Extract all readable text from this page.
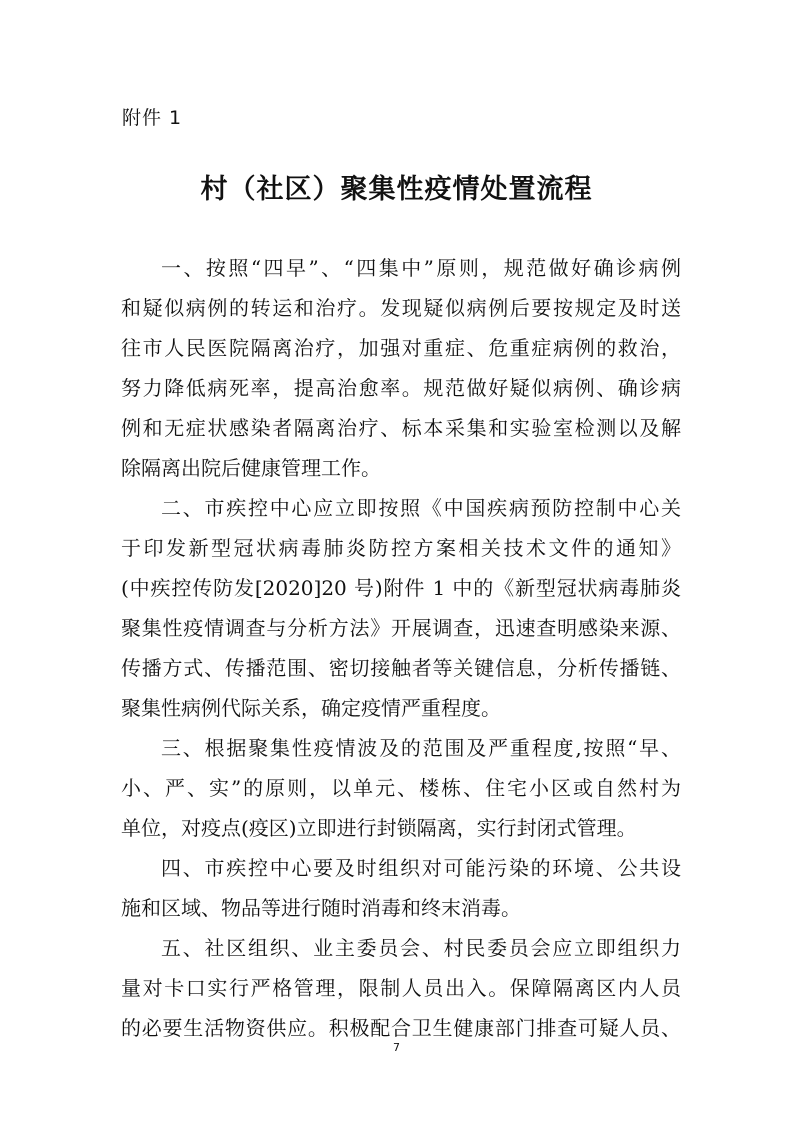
附件 1
村（社区）聚集性疫情处置流程
一、按照“四早”、“四集中”原则，规范做好确诊病例
和疑似病例的转运和治疗。发现疑似病例后要按规定及时送
往市人民医院隔离治疗，加强对重症、危重症病例的救治，
努力降低病死率，提高治愈率。规范做好疑似病例、确诊病
例和无症状感染者隔离治疗、标本采集和实验室检测以及解
除隔离出院后健康管理工作。
二、市疾控中心应立即按照《中国疾病预防控制中心关
于印发新型冠状病毒肺炎防控方案相关技术文件的通知》
(中疾控传防发[2020]20 号)附件 1 中的《新型冠状病毒肺炎
聚集性疫情调查与分析方法》开展调查，迅速查明感染来源、
传播方式、传播范围、密切接触者等关键信息，分析传播链、
聚集性病例代际关系，确定疫情严重程度。
三、根据聚集性疫情波及的范围及严重程度,按照“早、
小、严、实”的原则，以单元、楼栋、住宅小区或自然村为
单位，对疫点(疫区)立即进行封锁隔离，实行封闭式管理。
四、市疾控中心要及时组织对可能污染的环境、公共设
施和区域、物品等进行随时消毒和终末消毒。
五、社区组织、业主委员会、村民委员会应立即组织力
量对卡口实行严格管理，限制人员出入。保障隔离区内人员
的必要生活物资供应。积极配合卫生健康部门排查可疑人员、
7
